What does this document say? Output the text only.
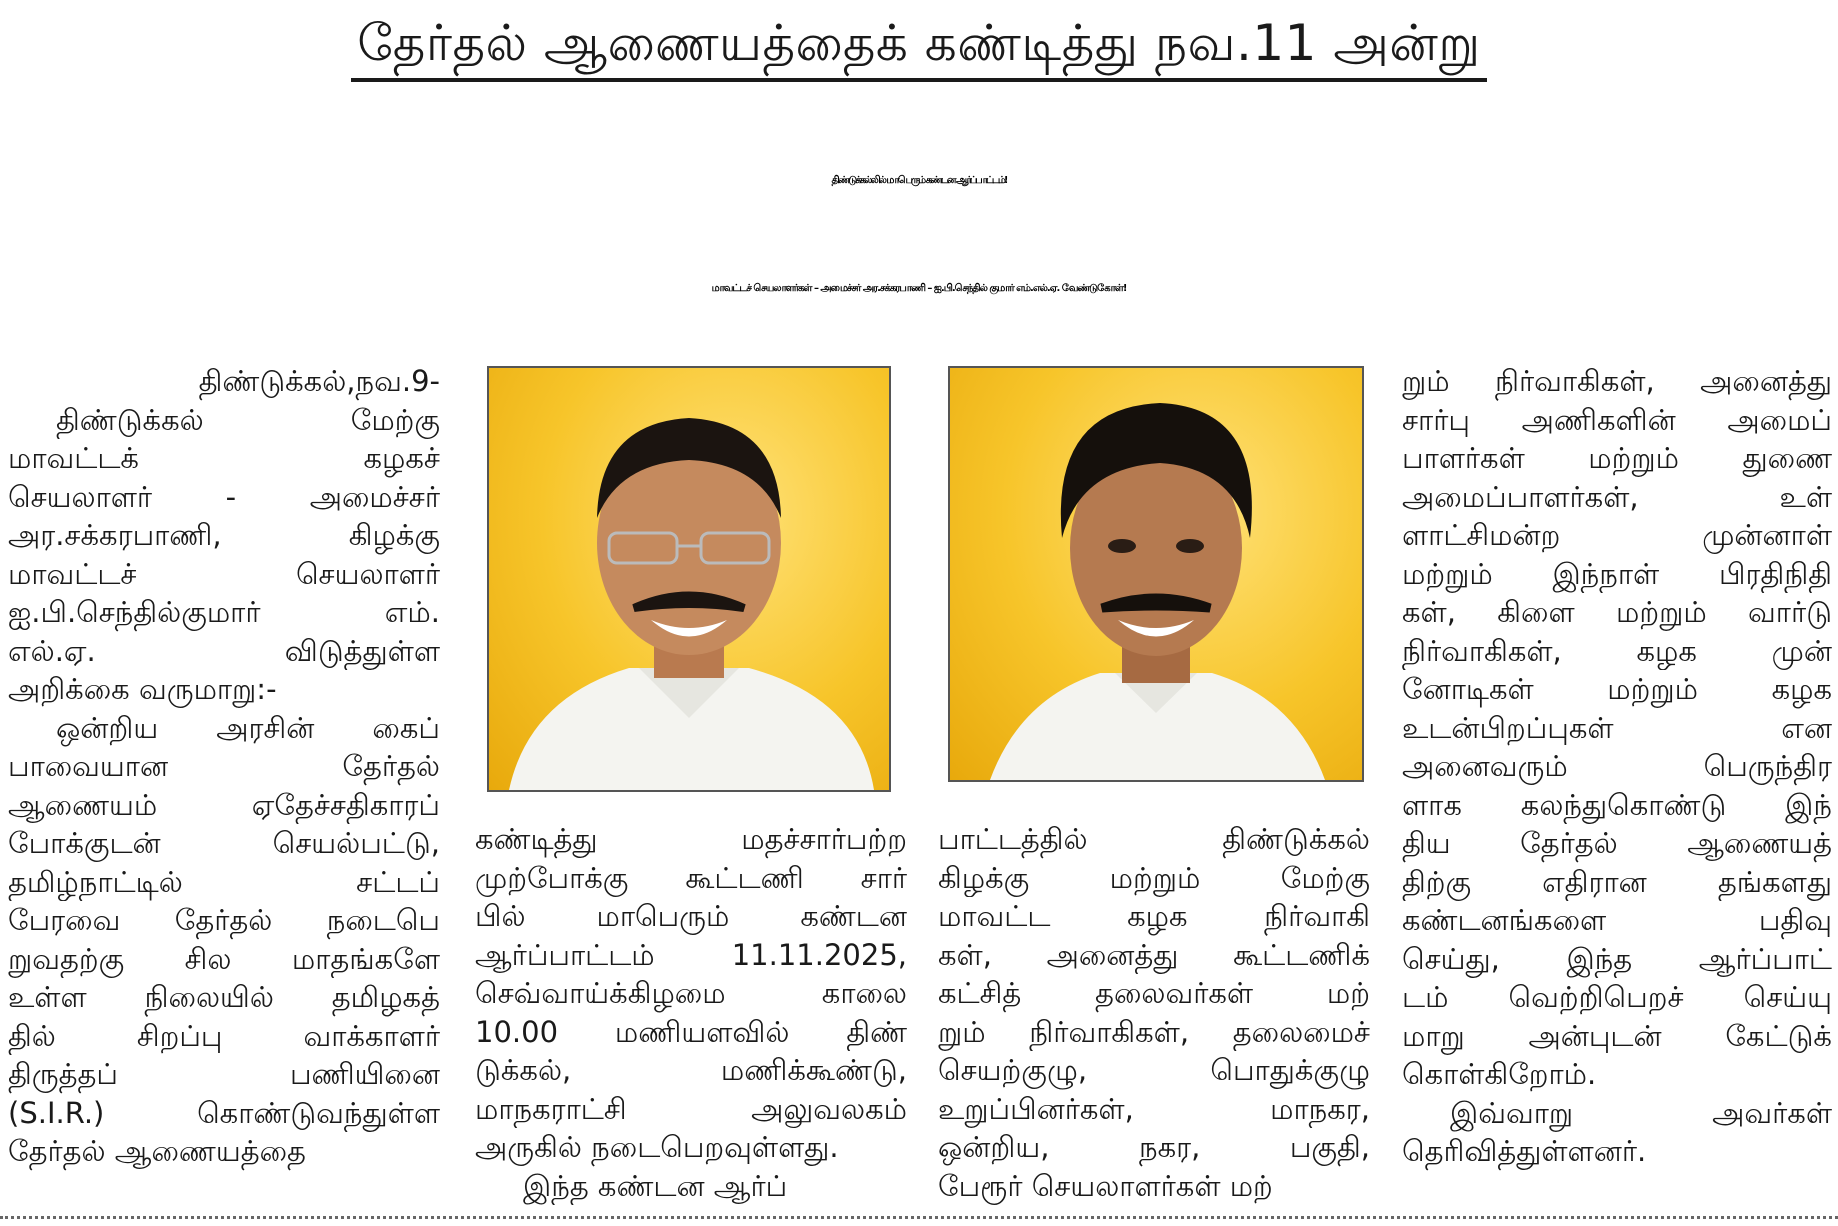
தேர்தல் ஆணையத்தைக் கண்டித்து நவ.11 அன்று
திண்டுக்கல்லில் மாபெரும் கண்டன ஆர்ப்பாட்டம்!
மாவட்டச் செயலாளர்கள் – அமைச்சர் அர.சக்கரபாணி – ஐ.பி.செந்தில் குமார் எம்.எல்.ஏ. வேண்டுகோள்!
திண்டுக்கல்,நவ.9-
திண்டுக்கல் மேற்கு
மாவட்டக் கழகச்
செயலாளர் - அமைச்சர்
அர.சக்கரபாணி, கிழக்கு
மாவட்டச் செயலாளர்
ஐ.பி.செந்தில்குமார் எம்.
எல்.ஏ. விடுத்துள்ள
அறிக்கை வருமாறு:-
ஒன்றிய அரசின் கைப்
பாவையான தேர்தல்
ஆணையம் ஏதேச்சதிகாரப்
போக்குடன் செயல்பட்டு,
தமிழ்நாட்டில் சட்டப்
பேரவை தேர்தல் நடைபெ
றுவதற்கு சில மாதங்களே
உள்ள நிலையில் தமிழகத்
தில் சிறப்பு வாக்காளர்
திருத்தப் பணியினை
(S.I.R.) கொண்டுவந்துள்ள
தேர்தல் ஆணையத்தை
கண்டித்து மதச்சார்பற்ற
முற்போக்கு கூட்டணி சார்
பில் மாபெரும் கண்டன
ஆர்ப்பாட்டம் 11.11.2025,
செவ்வாய்க்கிழமை காலை
10.00 மணியளவில் திண்
டுக்கல், மணிக்கூண்டு,
மாநகராட்சி அலுவலகம்
அருகில் நடைபெறவுள்ளது.
இந்த கண்டன ஆர்ப்
பாட்டத்தில் திண்டுக்கல்
கிழக்கு மற்றும் மேற்கு
மாவட்ட கழக நிர்வாகி
கள், அனைத்து கூட்டணிக்
கட்சித் தலைவர்கள் மற்
றும் நிர்வாகிகள், தலைமைச்
செயற்குழு, பொதுக்குழு
உறுப்பினர்கள், மாநகர,
ஒன்றிய, நகர, பகுதி,
பேரூர் செயலாளர்கள் மற்
றும் நிர்வாகிகள், அனைத்து
சார்பு அணிகளின் அமைப்
பாளர்கள் மற்றும் துணை
அமைப்பாளர்கள், உள்
ளாட்சிமன்ற முன்னாள்
மற்றும் இந்நாள் பிரதிநிதி
கள், கிளை மற்றும் வார்டு
நிர்வாகிகள், கழக முன்
னோடிகள் மற்றும் கழக
உடன்பிறப்புகள் என
அனைவரும் பெருந்திர
ளாக கலந்துகொண்டு இந்
திய தேர்தல் ஆணையத்
திற்கு எதிரான தங்களது
கண்டனங்களை பதிவு
செய்து, இந்த ஆர்ப்பாட்
டம் வெற்றிபெறச் செய்யு
மாறு அன்புடன் கேட்டுக்
கொள்கிறோம்.
இவ்வாறு அவர்கள்
தெரிவித்துள்ளனர்.
